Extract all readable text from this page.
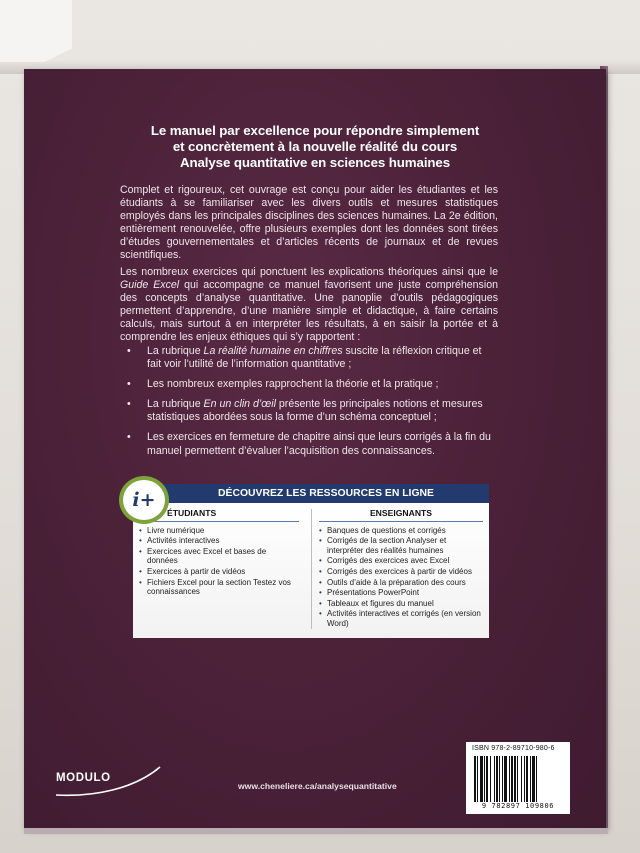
Le manuel par excellence pour répondre simplement
et concrètement à la nouvelle réalité du cours
Analyse quantitative en sciences humaines
Complet et rigoureux, cet ouvrage est conçu pour aider les étudiantes et les étudiants à se familiariser avec les divers outils et mesures statistiques employés dans les principales disciplines des sciences humaines. La 2e édition, entièrement renouvelée, offre plusieurs exemples dont les données sont tirées d’études gouvernementales et d’articles récents de journaux et de revues scientifiques.
Les nombreux exercices qui ponctuent les explications théoriques ainsi que le Guide Excel qui accompagne ce manuel favorisent une juste compréhension des concepts d’analyse quantitative. Une panoplie d’outils pédagogiques permettent d’apprendre, d’une manière simple et didactique, à faire certains calculs, mais surtout à en interpréter les résultats, à en saisir la portée et à comprendre les enjeux éthiques qui s’y rapportent :
• La rubrique La réalité humaine en chiffres suscite la réflexion critique et fait voir l’utilité de l’information quantitative ;
• Les nombreux exemples rapprochent la théorie et la pratique ;
• La rubrique En un clin d’œil présente les principales notions et mesures statistiques abordées sous la forme d’un schéma conceptuel ;
• Les exercices en fermeture de chapitre ainsi que leurs corrigés à la fin du manuel permettent d’évaluer l’acquisition des connaissances.
DÉCOUVREZ LES RESSOURCES EN LIGNE
ÉTUDIANTS
• Livre numérique
• Activités interactives
• Exercices avec Excel et bases de données
• Exercices à partir de vidéos
• Fichiers Excel pour la section Testez vos connaissances
ENSEIGNANTS
• Banques de questions et corrigés
• Corrigés de la section Analyser et interpréter des réalités humaines
• Corrigés des exercices avec Excel
• Corrigés des exercices à partir de vidéos
• Outils d’aide à la préparation des cours
• Présentations PowerPoint
• Tableaux et figures du manuel
• Activités interactives et corrigés (en version Word)
i+
MODULO
www.cheneliere.ca/analysequantitative
ISBN 978-2-89710-980-6
9 782897 109806
